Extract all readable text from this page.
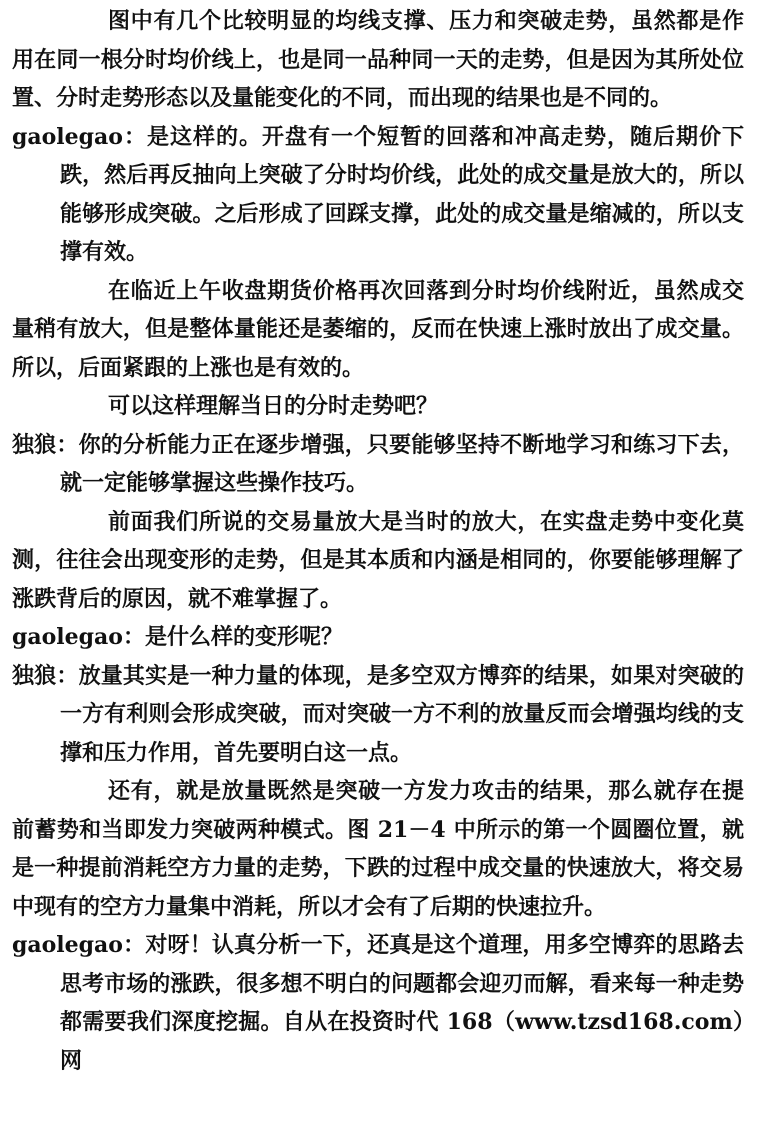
图中有几个比较明显的均线支撑、压力和突破走势，虽然都是作用在同一根分时均价线上，也是同一品种同一天的走势，但是因为其所处位置、分时走势形态以及量能变化的不同，而出现的结果也是不同的。

gaolegao：是这样的。开盘有一个短暂的回落和冲高走势，随后期价下跌，然后再反抽向上突破了分时均价线，此处的成交量是放大的，所以能够形成突破。之后形成了回踩支撑，此处的成交量是缩减的，所以支撑有效。

在临近上午收盘期货价格再次回落到分时均价线附近，虽然成交量稍有放大，但是整体量能还是萎缩的，反而在快速上涨时放出了成交量。所以，后面紧跟的上涨也是有效的。

可以这样理解当日的分时走势吧？

独狼：你的分析能力正在逐步增强，只要能够坚持不断地学习和练习下去，就一定能够掌握这些操作技巧。

前面我们所说的交易量放大是当时的放大，在实盘走势中变化莫测，往往会出现变形的走势，但是其本质和内涵是相同的，你要能够理解了涨跌背后的原因，就不难掌握了。

gaolegao：是什么样的变形呢？

独狼：放量其实是一种力量的体现，是多空双方博弈的结果，如果对突破的一方有利则会形成突破，而对突破一方不利的放量反而会增强均线的支撑和压力作用，首先要明白这一点。

还有，就是放量既然是突破一方发力攻击的结果，那么就存在提前蓄势和当即发力突破两种模式。图 21－4 中所示的第一个圆圈位置，就是一种提前消耗空方力量的走势，下跌的过程中成交量的快速放大，将交易中现有的空方力量集中消耗，所以才会有了后期的快速拉升。

gaolegao：对呀！认真分析一下，还真是这个道理，用多空博弈的思路去思考市场的涨跌，很多想不明白的问题都会迎刃而解，看来每一种走势都需要我们深度挖掘。自从在投资时代 168（www.tzsd168.com）网
